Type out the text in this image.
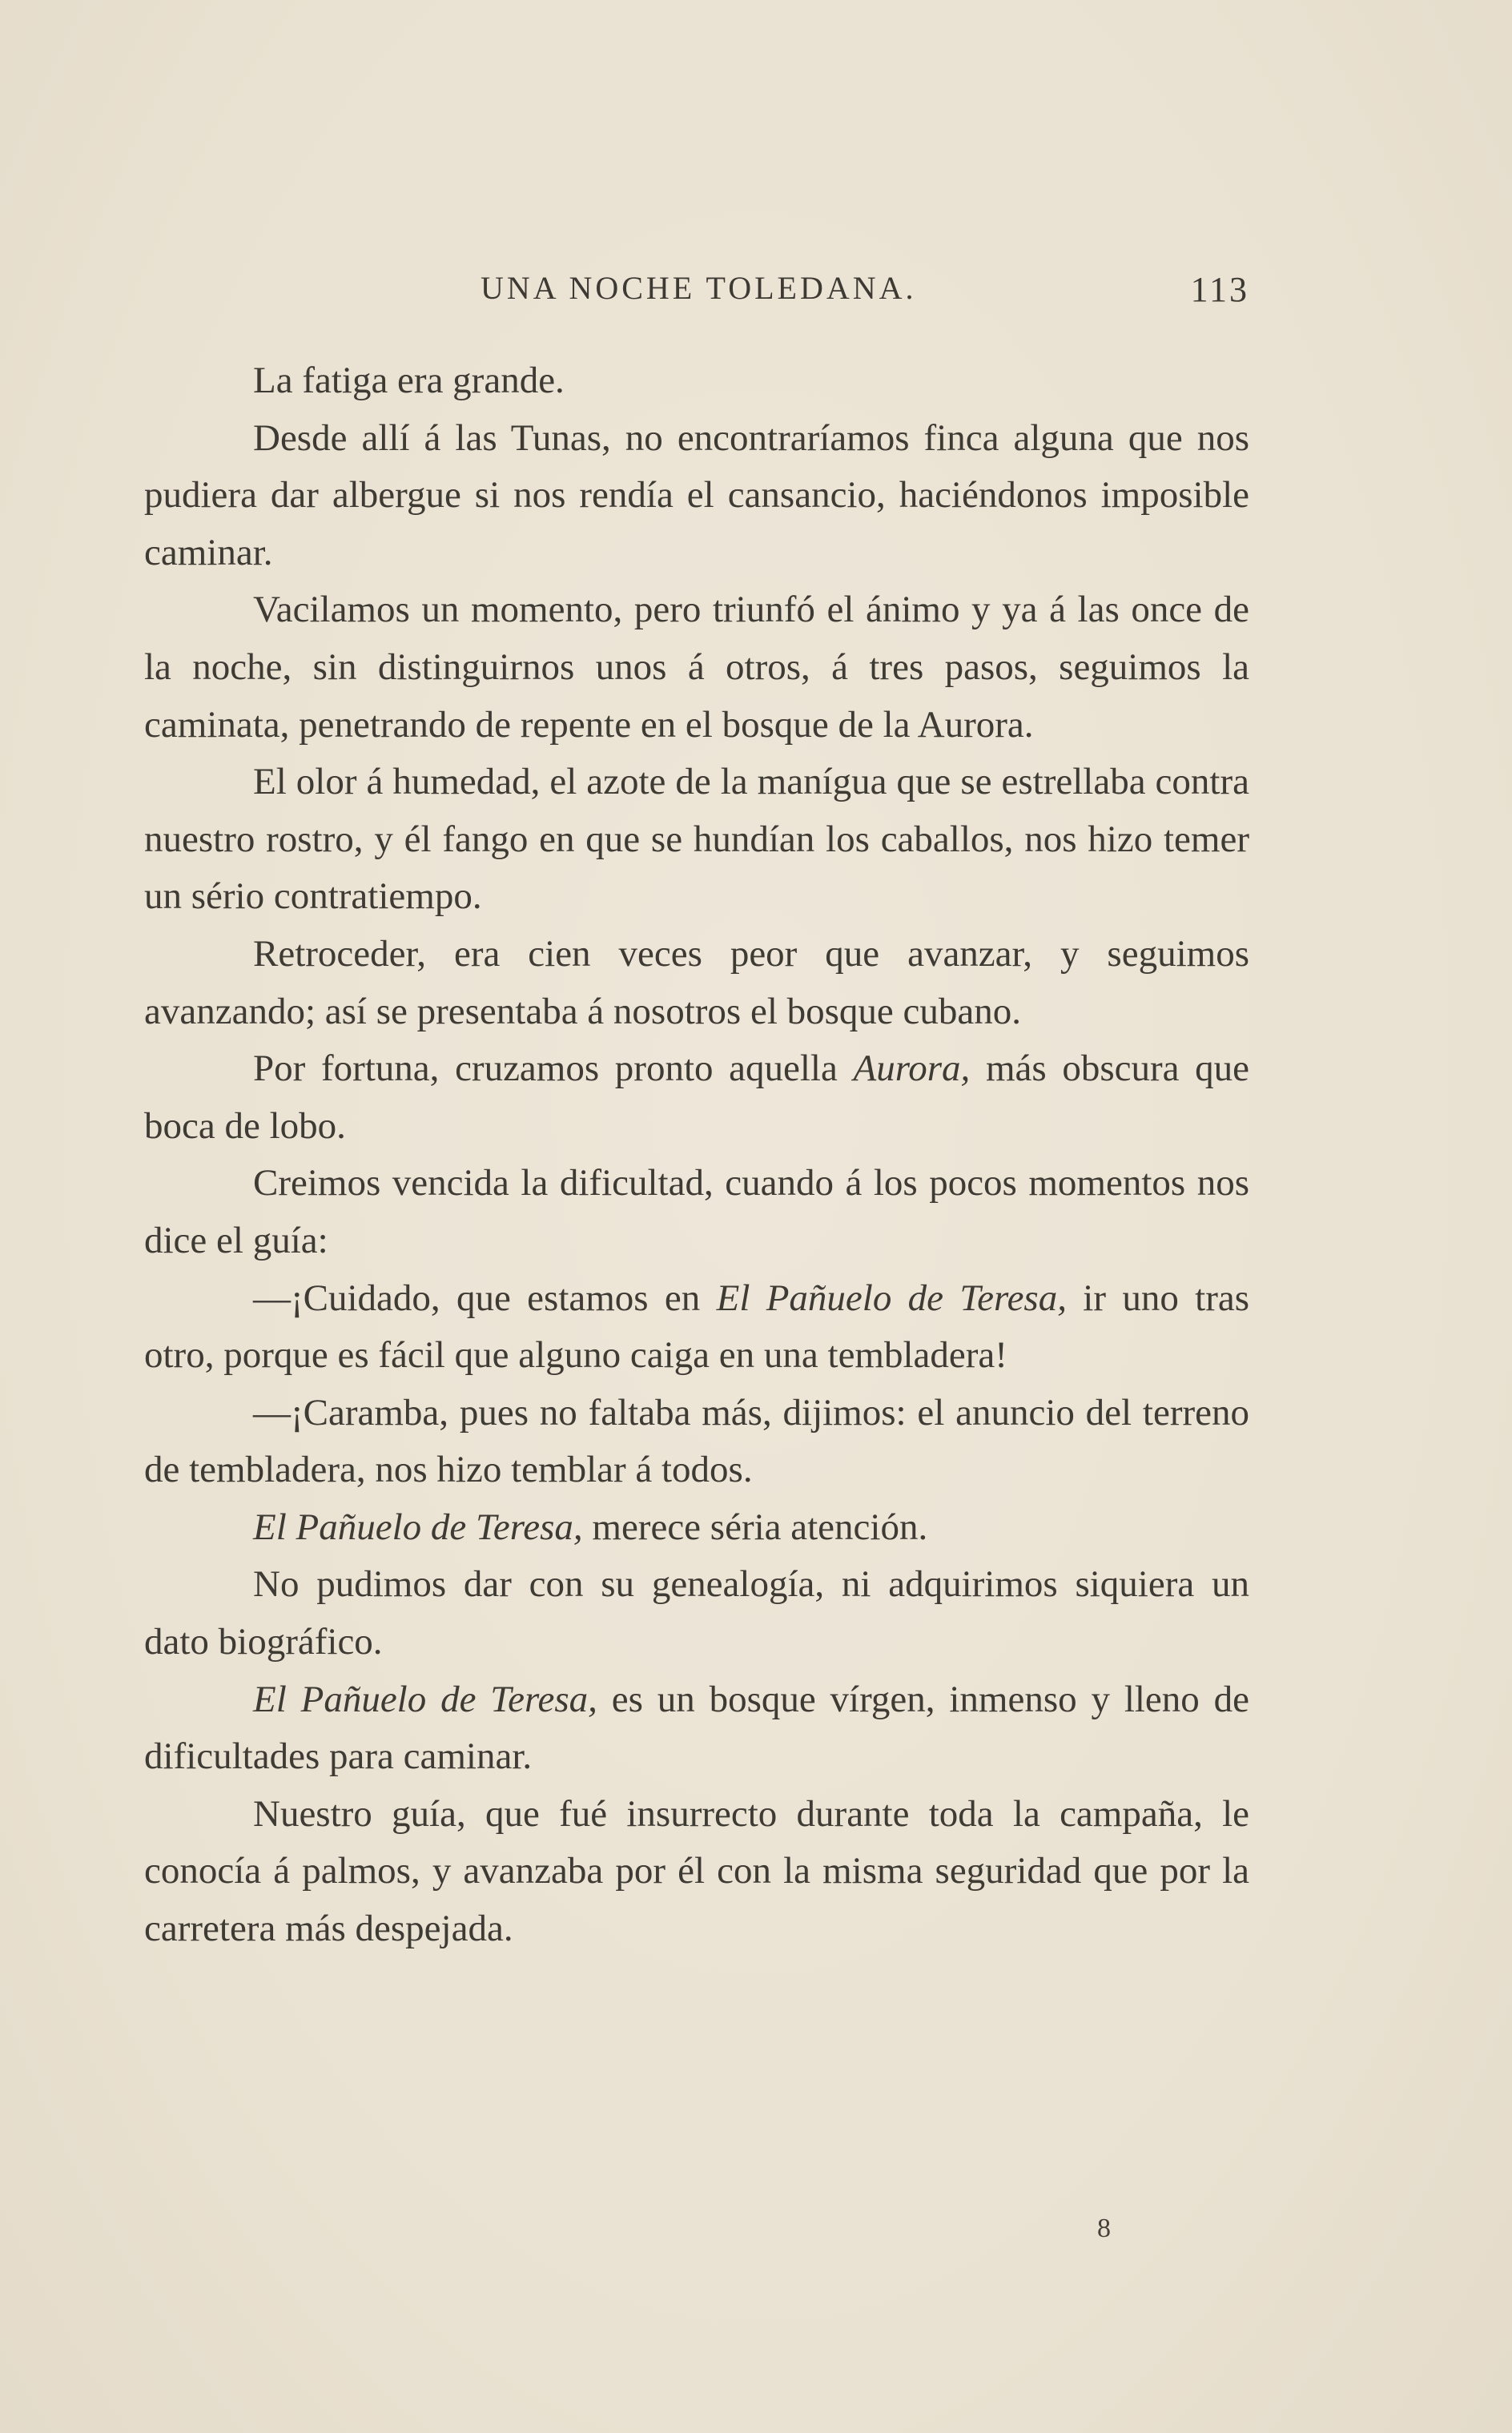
UNA NOCHE TOLEDANA.	113

La fatiga era grande.

Desde allí á las Tunas, no encontraríamos finca alguna que nos pudiera dar albergue si nos rendía el cansancio, haciéndonos imposible caminar.

Vacilamos un momento, pero triunfó el ánimo y ya á las once de la noche, sin distinguirnos unos á otros, á tres pasos, seguimos la caminata, penetrando de repente en el bosque de la Aurora.

El olor á humedad, el azote de la manígua que se estrellaba contra nuestro rostro, y él fango en que se hundían los caballos, nos hizo temer un sério contratiempo.

Retroceder, era cien veces peor que avanzar, y seguimos avanzando; así se presentaba á nosotros el bosque cubano.

Por fortuna, cruzamos pronto aquella Aurora, más obscura que boca de lobo.

Creimos vencida la dificultad, cuando á los pocos momentos nos dice el guía:

—¡Cuidado, que estamos en El Pañuelo de Teresa, ir uno tras otro, porque es fácil que alguno caiga en una tembladera!

—¡Caramba, pues no faltaba más, dijimos: el anuncio del terreno de tembladera, nos hizo temblar á todos.

El Pañuelo de Teresa, merece séria atención.

No pudimos dar con su genealogía, ni adquirimos siquiera un dato biográfico.

El Pañuelo de Teresa, es un bosque vírgen, inmenso y lleno de dificultades para caminar.

Nuestro guía, que fué insurrecto durante toda la campaña, le conocía á palmos, y avanzaba por él con la misma seguridad que por la carretera más despejada.

8
